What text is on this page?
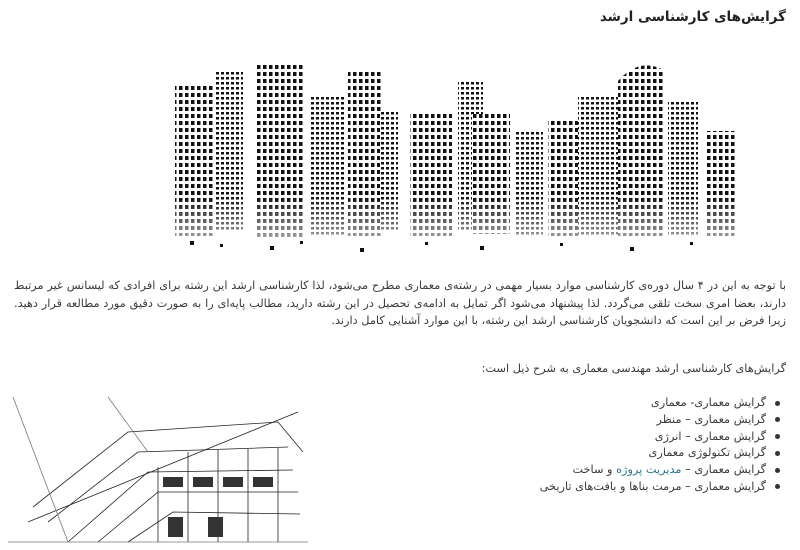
گرایش‌های کارشناسی ارشد

با توجه به این در ۴ سال دوره‌ی کارشناسی موارد بسیار مهمی در رشته‌ی معماری مطرح می‌شود، لذا کارشناسی ارشد این رشته برای افرادی که لیسانس غیر مرتبط دارند، بعضا امری سخت تلقی می‌گردد. لذا پیشنهاد می‌شود اگر تمایل به ادامه‌ی تحصیل در این رشته دارید، مطالب پایه‌ای را به صورت دقیق مورد مطالعه قرار دهید. زیرا فرض بر این است که دانشجویان کارشناسی ارشد این رشته، با این موارد آشنایی کامل دارند.

گرایش‌های کارشناسی ارشد مهندسی معماری به شرح ذیل است:
گرایش معماری- معماری
گرایش معماری – منظر
گرایش معماری – انرژی
گرایش تکنولوژی معماری
گرایش معماری – مدیریت پروژه و ساخت
گرایش معماری – مرمت بناها و بافت‌های تاریخی
